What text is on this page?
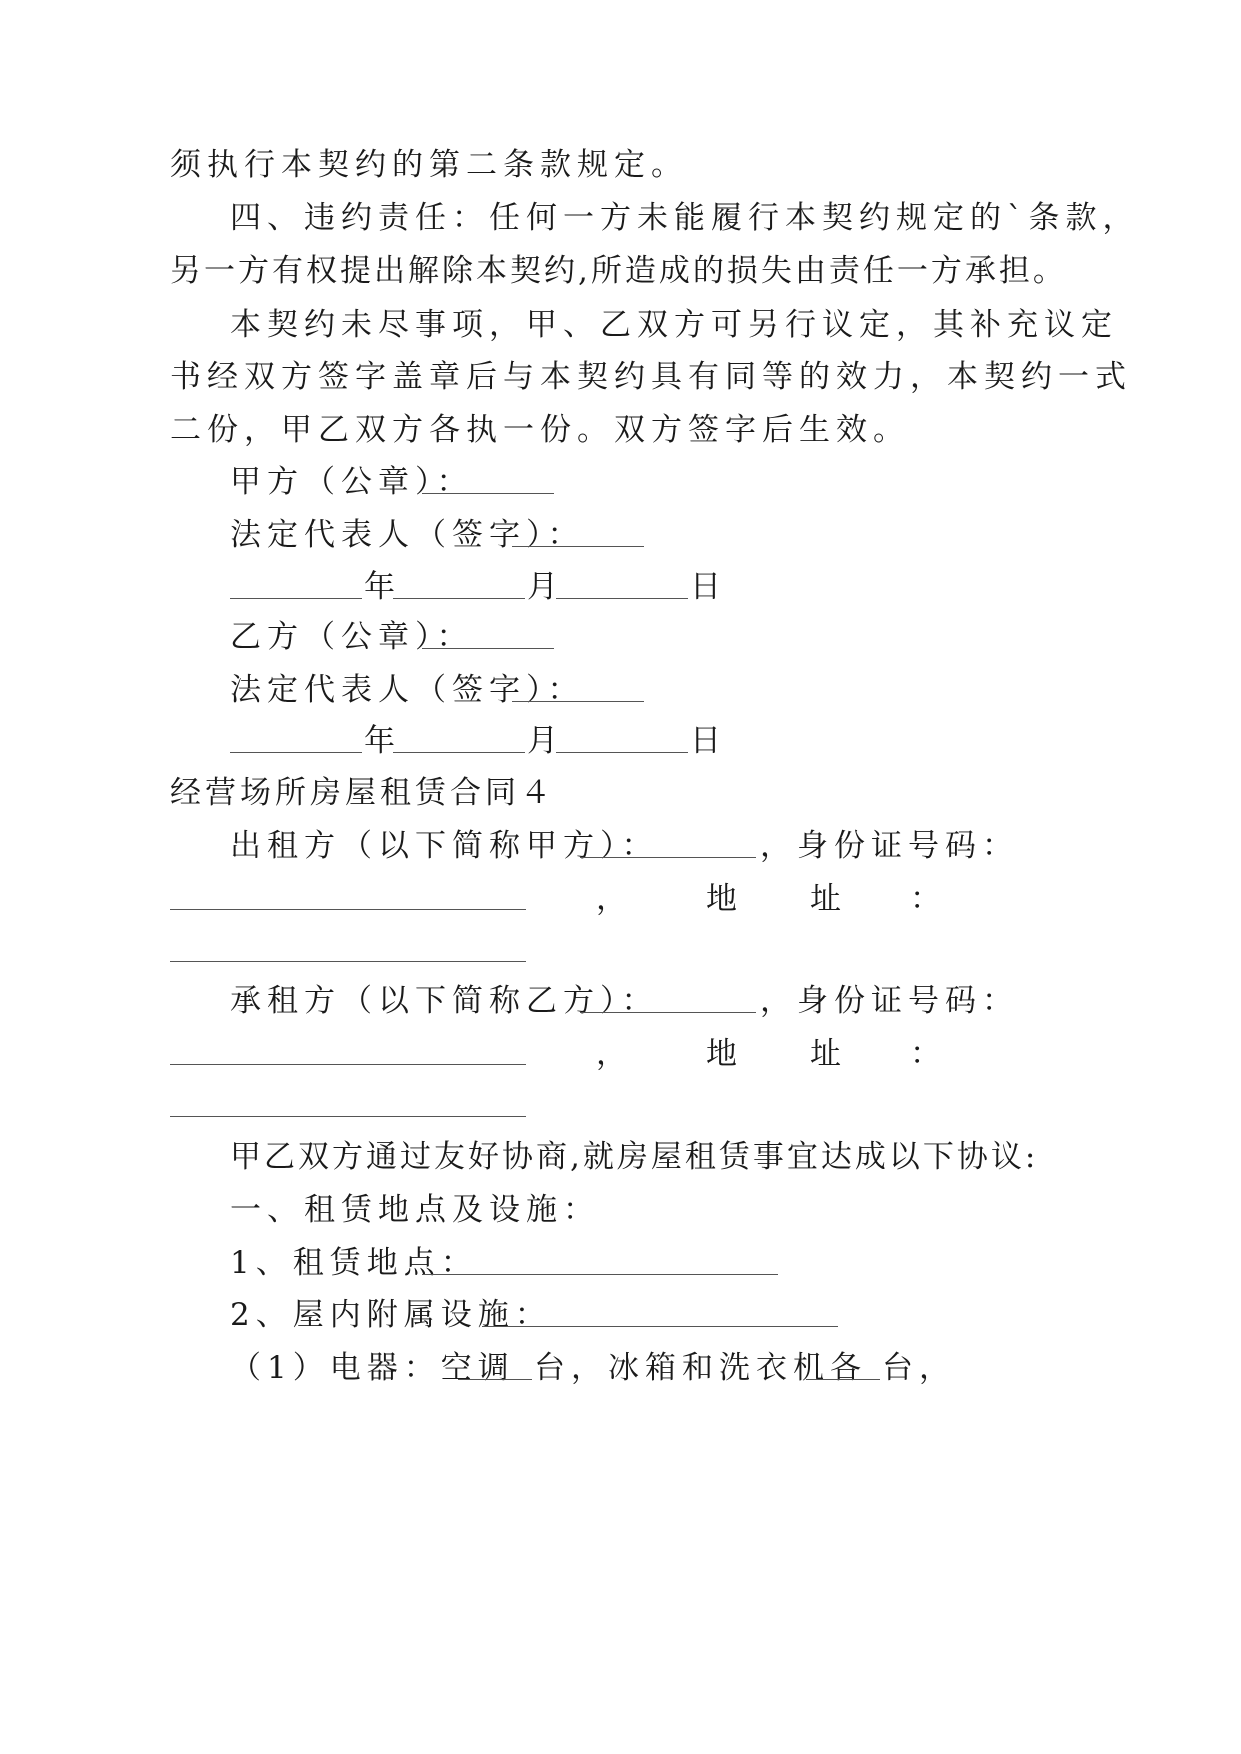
须执行本契约的第二条款规定。
四、违约责任：任何一方未能履行本契约规定的`条款，
另一方有权提出解除本契约,所造成的损失由责任一方承担。
本契约未尽事项，甲、乙双方可另行议定，其补充议定
书经双方签字盖章后与本契约具有同等的效力，本契约一式
二份，甲乙双方各执一份。双方签字后生效。
甲方（公章）：
法定代表人（签字）：
年	月	日
乙方（公章）：
法定代表人（签字）：
年	月	日
经营场所房屋租赁合同４
出租方（以下简称甲方）：	，身份证号码：
，	地 址 ：
承租方（以下简称乙方）：	，身份证号码：
，	地 址 ：
甲乙双方通过友好协商,就房屋租赁事宜达成以下协议:
一、租赁地点及设施：
1、租赁地点：
2、屋内附属设施：
（1）电器：空调 台，冰箱和洗衣机各 台，
